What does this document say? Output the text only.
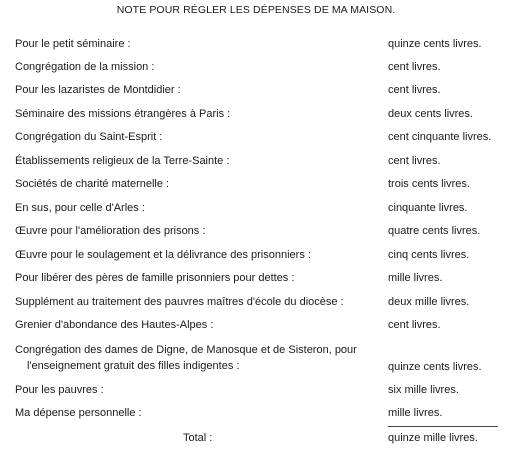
NOTE POUR RÉGLER LES DÉPENSES DE MA MAISON.
Pour le petit séminaire :	quinze cents livres.
Congrégation de la mission :	cent livres.
Pour les lazaristes de Montdidier :	cent livres.
Séminaire des missions étrangères à Paris :	deux cents livres.
Congrégation du Saint-Esprit :	cent cinquante livres.
Établissements religieux de la Terre-Sainte :	cent livres.
Sociétés de charité maternelle :	trois cents livres.
En sus, pour celle d'Arles :	cinquante livres.
Œuvre pour l'amélioration des prisons :	quatre cents livres.
Œuvre pour le soulagement et la délivrance des prisonniers :	cinq cents livres.
Pour libérer des pères de famille prisonniers pour dettes :	mille livres.
Supplément au traitement des pauvres maîtres d'école du diocèse :	deux mille livres.
Grenier d'abondance des Hautes-Alpes :	cent livres.
Congrégation des dames de Digne, de Manosque et de Sisteron, pour
l'enseignement gratuit des filles indigentes :	quinze cents livres.
Pour les pauvres :	six mille livres.
Ma dépense personnelle :	mille livres.
Total :	quinze mille livres.
